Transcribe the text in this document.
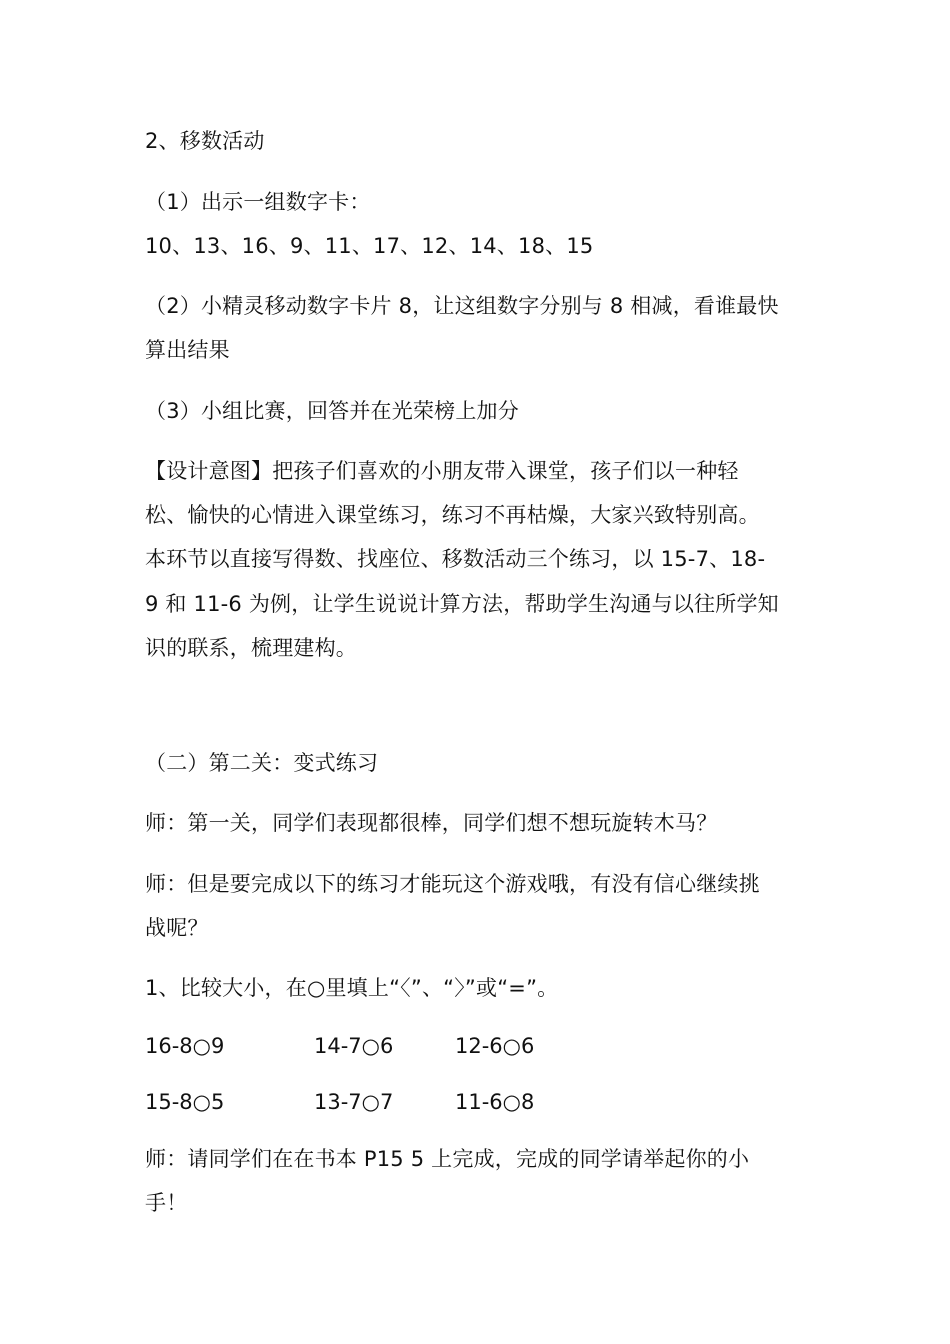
2、移数活动
（1）出示一组数字卡：
10、13、16、9、11、17、12、14、18、15
（2）小精灵移动数字卡片 8，让这组数字分别与 8 相减，看谁最快
算出结果
（3）小组比赛，回答并在光荣榜上加分
【设计意图】把孩子们喜欢的小朋友带入课堂，孩子们以一种轻
松、愉快的心情进入课堂练习，练习不再枯燥，大家兴致特别高。
本环节以直接写得数、找座位、移数活动三个练习，以 15-7、18-
9 和 11-6 为例，让学生说说计算方法，帮助学生沟通与以往所学知
识的联系，梳理建构。
（二）第二关：变式练习
师：第一关，同学们表现都很棒，同学们想不想玩旋转木马？
师：但是要完成以下的练习才能玩这个游戏哦，有没有信心继续挑
战呢？
1、比较大小，在○里填上“〈”、“〉”或“=”。
16-8○9	14-7○6	12-6○6
15-8○5	13-7○7	11-6○8
师：请同学们在在书本 P15 5 上完成，完成的同学请举起你的小
手！
